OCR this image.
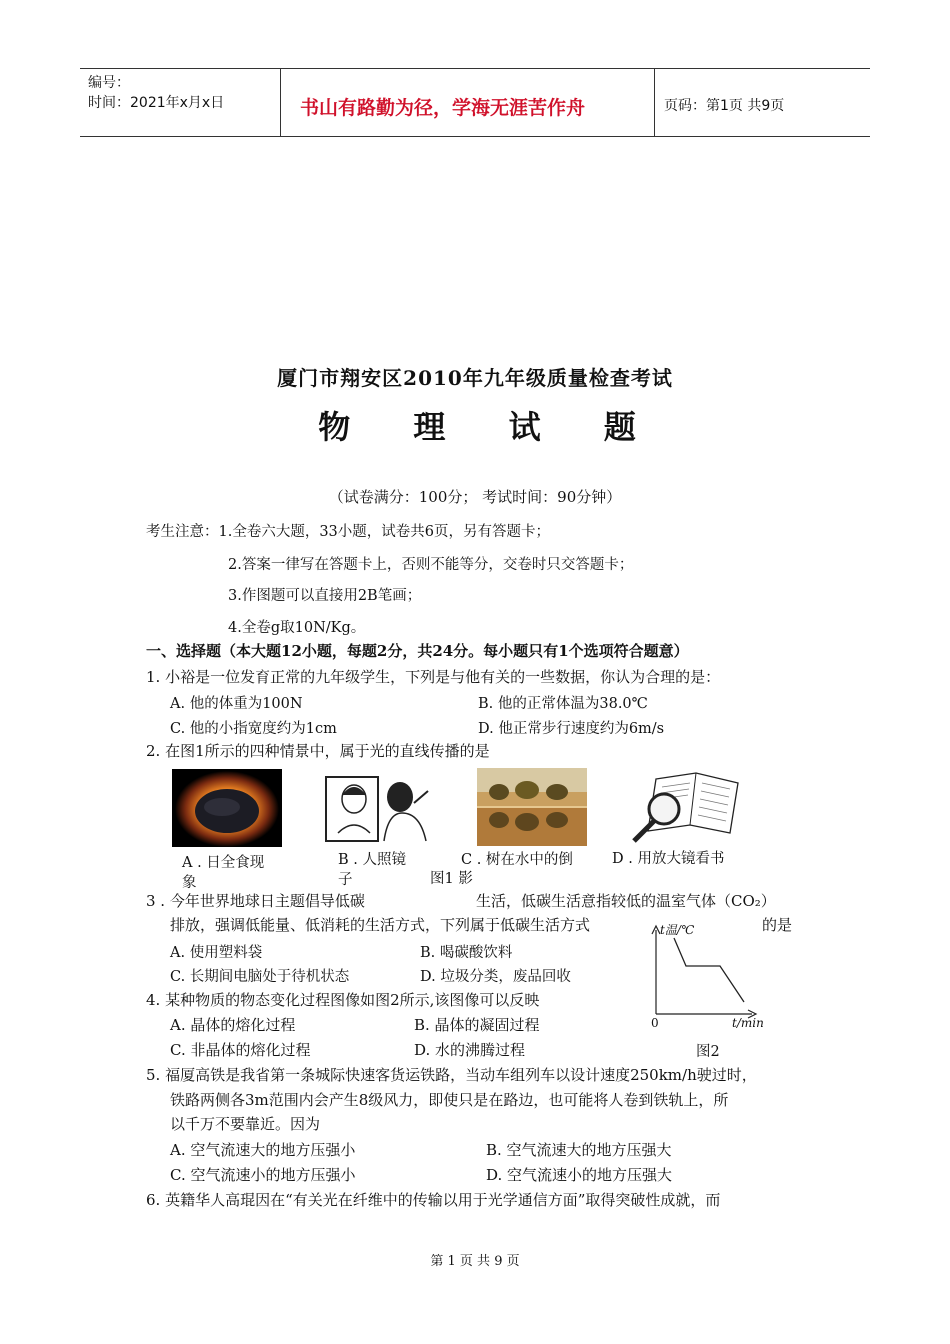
编号：
时间：2021年x月x日	书山有路勤为径，学海无涯苦作舟	页码：第1页 共9页
厦门市翔安区2010年九年级质量检查考试
物 理 试 题
（试卷满分：100分； 考试时间：90分钟）
考生注意：1.全卷六大题，33小题，试卷共6页，另有答题卡；
2.答案一律写在答题卡上，否则不能等分，交卷时只交答题卡；
3.作图题可以直接用2B笔画；
4.全卷g取10N/Kg。
一、选择题（本大题12小题，每题2分，共24分。每小题只有1个选项符合题意）
1. 小裕是一位发育正常的九年级学生，下列是与他有关的一些数据，你认为合理的是：
A. 他的体重为100N	B. 他的正常体温为38.0℃
C. 他的小指宽度约为1cm	D. 他正常步行速度约为6m/s
2. 在图1所示的四种情景中，属于光的直线传播的是
A . 日全食现
象
B . 人照镜
子
C . 树在水中的倒
图1 影
D . 用放大镜看书
3 . 今年世界地球日主题倡导低碳	生活，低碳生活意指较低的温室气体（CO₂）
排放，强调低能量、低消耗的生活方式，下列属于低碳生活方式	的是
A. 使用塑料袋	B. 喝碳酸饮料
C. 长期间电脑处于待机状态	D. 垃圾分类，废品回收
t温/℃
0	t/min
图2
4. 某种物质的物态变化过程图像如图2所示,该图像可以反映
A. 晶体的熔化过程	B. 晶体的凝固过程
C. 非晶体的熔化过程	D. 水的沸腾过程
5. 福厦高铁是我省第一条城际快速客货运铁路，当动车组列车以设计速度250km/h驶过时，
铁路两侧各3m范围内会产生8级风力，即使只是在路边，也可能将人卷到铁轨上，所
以千万不要靠近。因为
A. 空气流速大的地方压强小	B. 空气流速大的地方压强大
C. 空气流速小的地方压强小	D. 空气流速小的地方压强大
6. 英籍华人高琨因在“有关光在纤维中的传输以用于光学通信方面”取得突破性成就，而
第 1 页 共 9 页
